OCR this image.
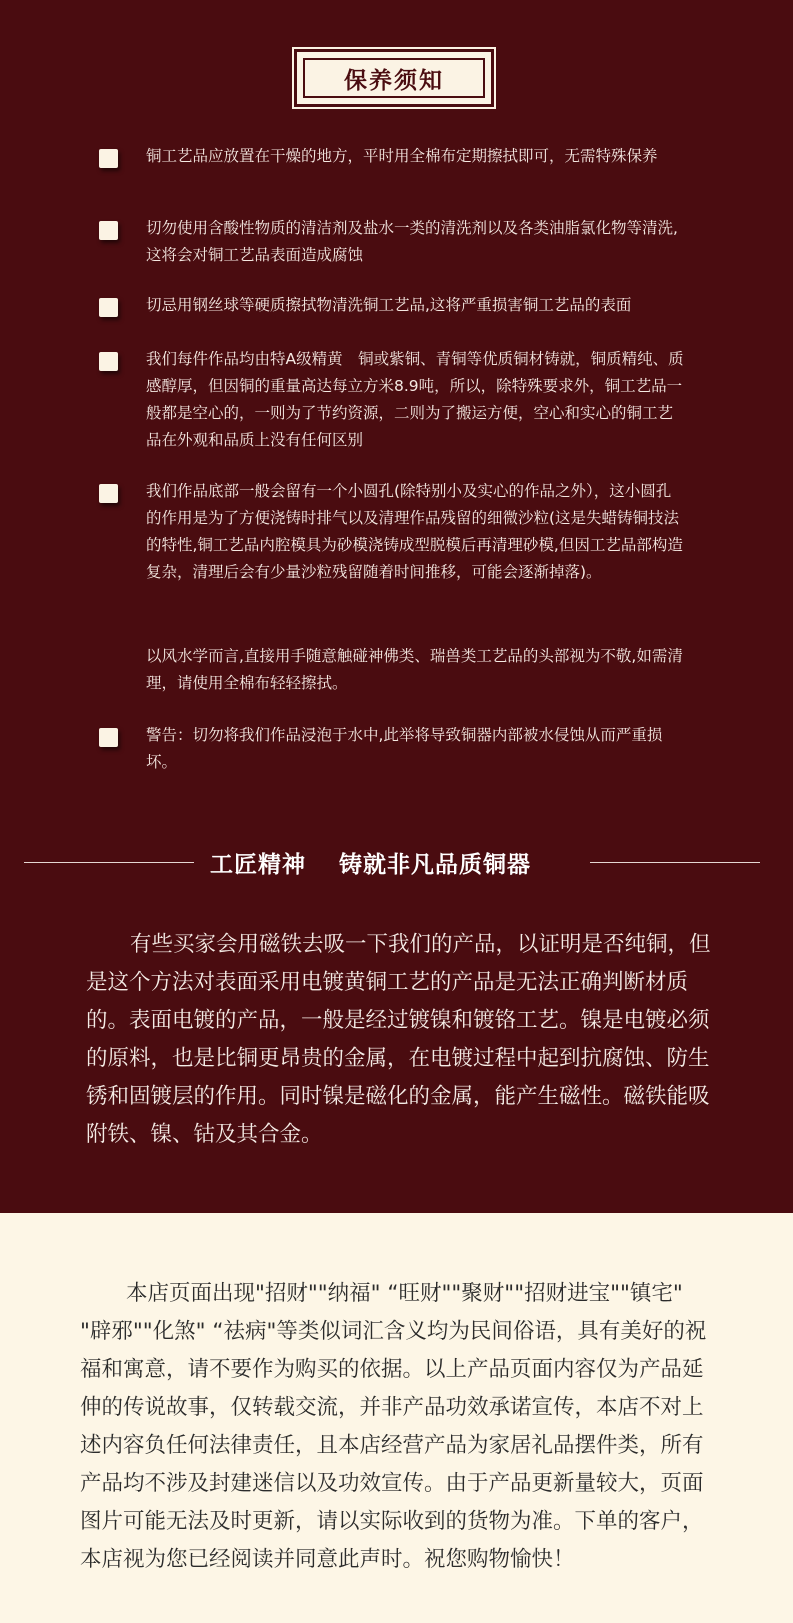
保养须知
铜工艺品应放置在干燥的地方，平时用全棉布定期擦拭即可，无需特殊保养
切勿使用含酸性物质的清洁剂及盐水一类的清洗剂以及各类油脂氯化物等清洗,这将会对铜工艺品表面造成腐蚀
切忌用钢丝球等硬质擦拭物清洗铜工艺品,这将严重损害铜工艺品的表面
我们每件作品均由特A级精黄　铜或紫铜、青铜等优质铜材铸就，铜质精纯、质感醇厚，但因铜的重量高达每立方米8.9吨，所以，除特殊要求外，铜工艺品一般都是空心的，一则为了节约资源，二则为了搬运方便，空心和实心的铜工艺品在外观和品质上没有任何区别
我们作品底部一般会留有一个小圆孔(除特别小及实心的作品之外），这小圆孔的作用是为了方便浇铸时排气以及清理作品残留的细微沙粒(这是失蜡铸铜技法的特性,铜工艺品内腔模具为砂模浇铸成型脱模后再清理砂模,但因工艺品部构造复杂，清理后会有少量沙粒残留随着时间推移，可能会逐渐掉落)。
以风水学而言,直接用手随意触碰神佛类、瑞兽类工艺品的头部视为不敬,如需清理，请使用全棉布轻轻擦拭。
警告：切勿将我们作品浸泡于水中,此举将导致铜器内部被水侵蚀从而严重损坏。
工匠精神　 铸就非凡品质铜器
有些买家会用磁铁去吸一下我们的产品，以证明是否纯铜，但是这个方法对表面采用电镀黄铜工艺的产品是无法正确判断材质的。表面电镀的产品，一般是经过镀镍和镀铬工艺。镍是电镀必须的原料，也是比铜更昂贵的金属，在电镀过程中起到抗腐蚀、防生锈和固镀层的作用。同时镍是磁化的金属，能产生磁性。磁铁能吸附铁、镍、钴及其合金。
本店页面出现"招财""纳福" “旺财""聚财""招财进宝""镇宅" "辟邪""化煞" “祛病"等类似词汇含义均为民间俗语，具有美好的祝福和寓意，请不要作为购买的依据。以上产品页面内容仅为产品延伸的传说故事，仅转载交流，并非产品功效承诺宣传，本店不对上述内容负任何法律责任，且本店经营产品为家居礼品摆件类，所有产品均不涉及封建迷信以及功效宣传。由于产品更新量较大，页面图片可能无法及时更新，请以实际收到的货物为准。下单的客户，本店视为您已经阅读并同意此声时。祝您购物愉快！
